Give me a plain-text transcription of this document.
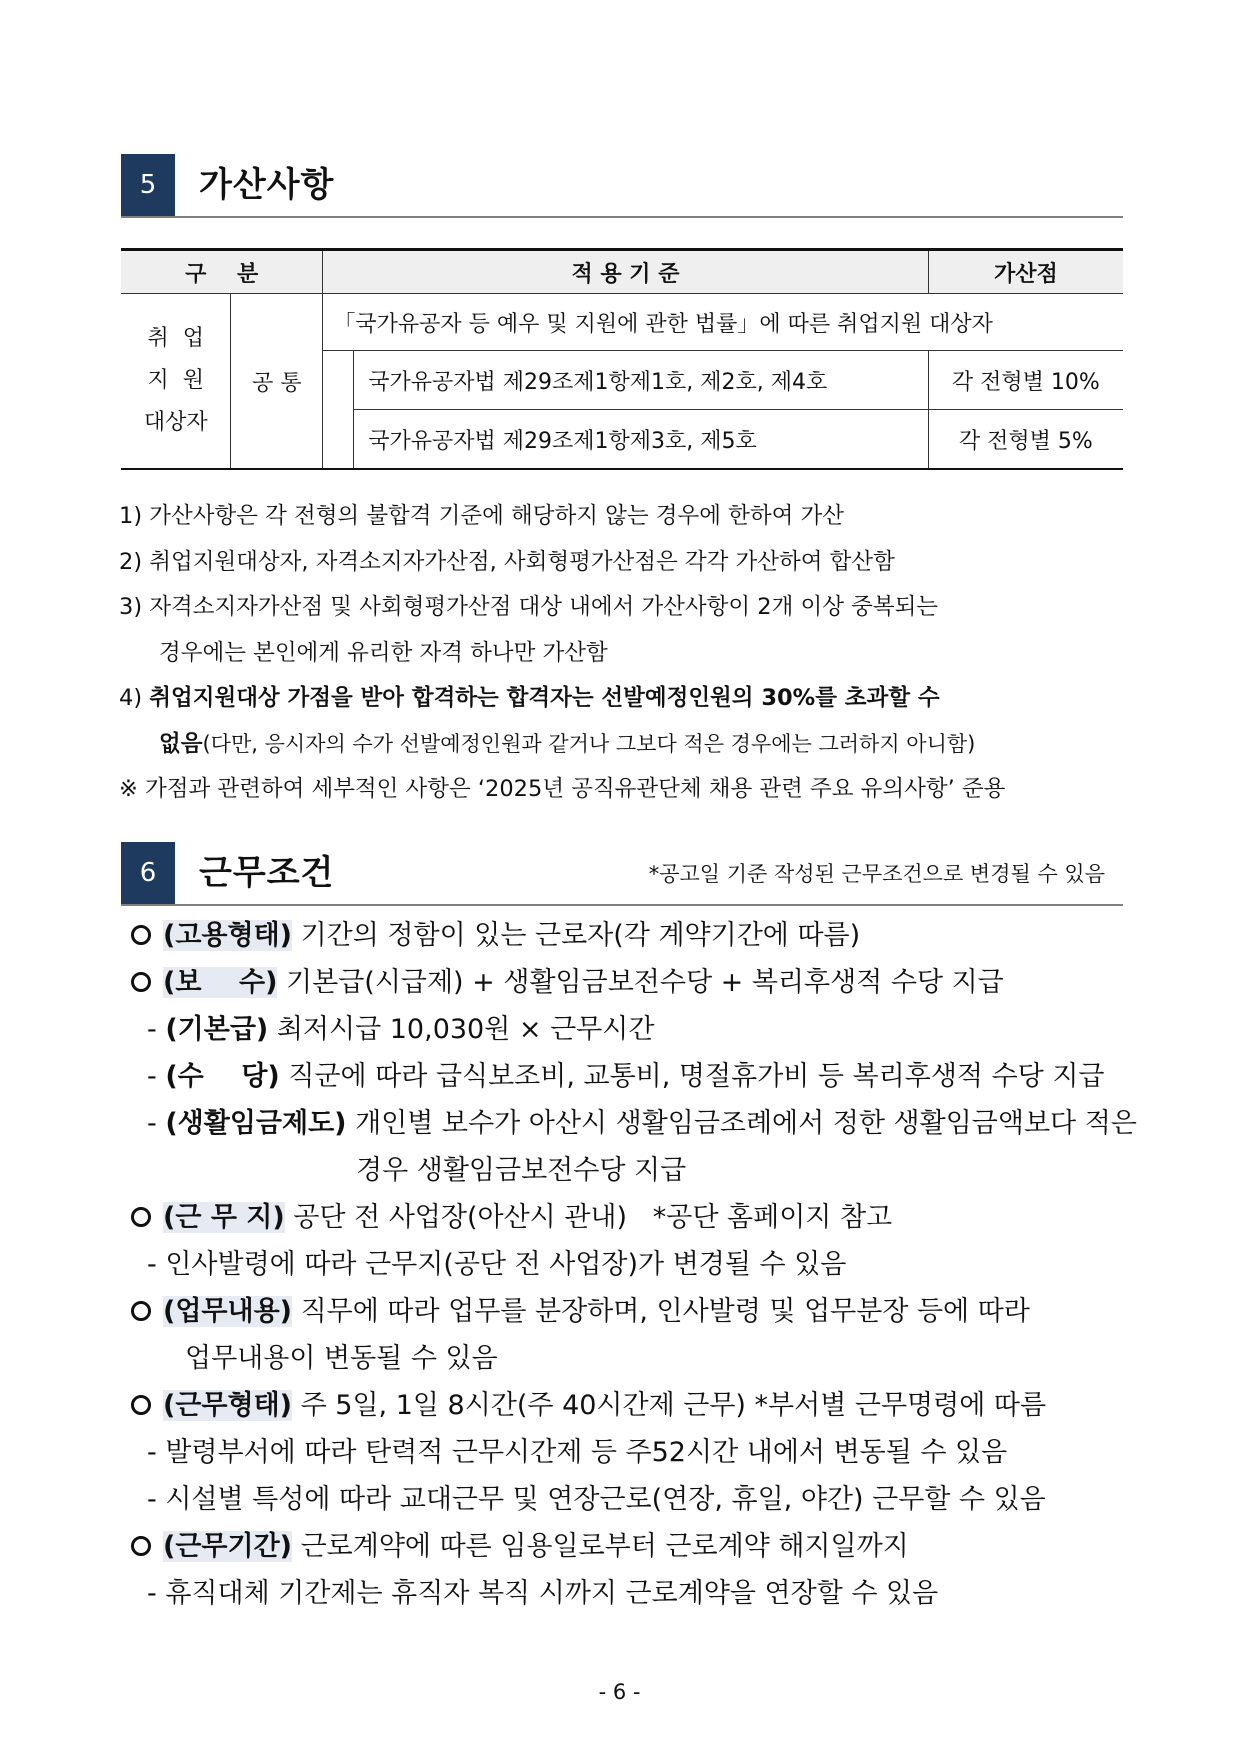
5	가산사항
구    분		적 용 기 준		가산점

취  업
지  원
대상자	공 통	「국가유공자 등 예우 및 지원에 관한 법률」에 따른 취업지원 대상자		
			국가유공자법 제29조제1항제1호, 제2호, 제4호	각 전형별 10%
			국가유공자법 제29조제1항제3호, 제5호	각 전형별 5%
1) 가산사항은 각 전형의 불합격 기준에 해당하지 않는 경우에 한하여 가산
2) 취업지원대상자, 자격소지자가산점, 사회형평가산점은 각각 가산하여 합산함
3) 자격소지자가산점 및 사회형평가산점 대상 내에서 가산사항이 2개 이상 중복되는
경우에는 본인에게 유리한 자격 하나만 가산함
4) 취업지원대상 가점을 받아 합격하는 합격자는 선발예정인원의 30%를 초과할 수
없음(다만, 응시자의 수가 선발예정인원과 같거나 그보다 적은 경우에는 그러하지 아니함)
※ 가점과 관련하여 세부적인 사항은 ‘2025년 공직유관단체 채용 관련 주요 유의사항’ 준용
6	근무조건	*공고일 기준 작성된 근무조건으로 변경될 수 있음
(고용형태) 기간의 정함이 있는 근로자(각 계약기간에 따름)
(보    수) 기본급(시급제) + 생활임금보전수당 + 복리후생적 수당 지급
- (기본급) 최저시급 10,030원 × 근무시간
- (수    당) 직군에 따라 급식보조비, 교통비, 명절휴가비 등 복리후생적 수당 지급
- (생활임금제도) 개인별 보수가 아산시 생활임금조례에서 정한 생활임금액보다 적은
경우 생활임금보전수당 지급
(근 무 지) 공단 전 사업장(아산시 관내)   *공단 홈페이지 참고
- 인사발령에 따라 근무지(공단 전 사업장)가 변경될 수 있음
(업무내용) 직무에 따라 업무를 분장하며, 인사발령 및 업무분장 등에 따라
업무내용이 변동될 수 있음
(근무형태) 주 5일, 1일 8시간(주 40시간제 근무) *부서별 근무명령에 따름
- 발령부서에 따라 탄력적 근무시간제 등 주52시간 내에서 변동될 수 있음
- 시설별 특성에 따라 교대근무 및 연장근로(연장, 휴일, 야간) 근무할 수 있음
(근무기간) 근로계약에 따른 임용일로부터 근로계약 해지일까지
- 휴직대체 기간제는 휴직자 복직 시까지 근로계약을 연장할 수 있음
- 6 -
